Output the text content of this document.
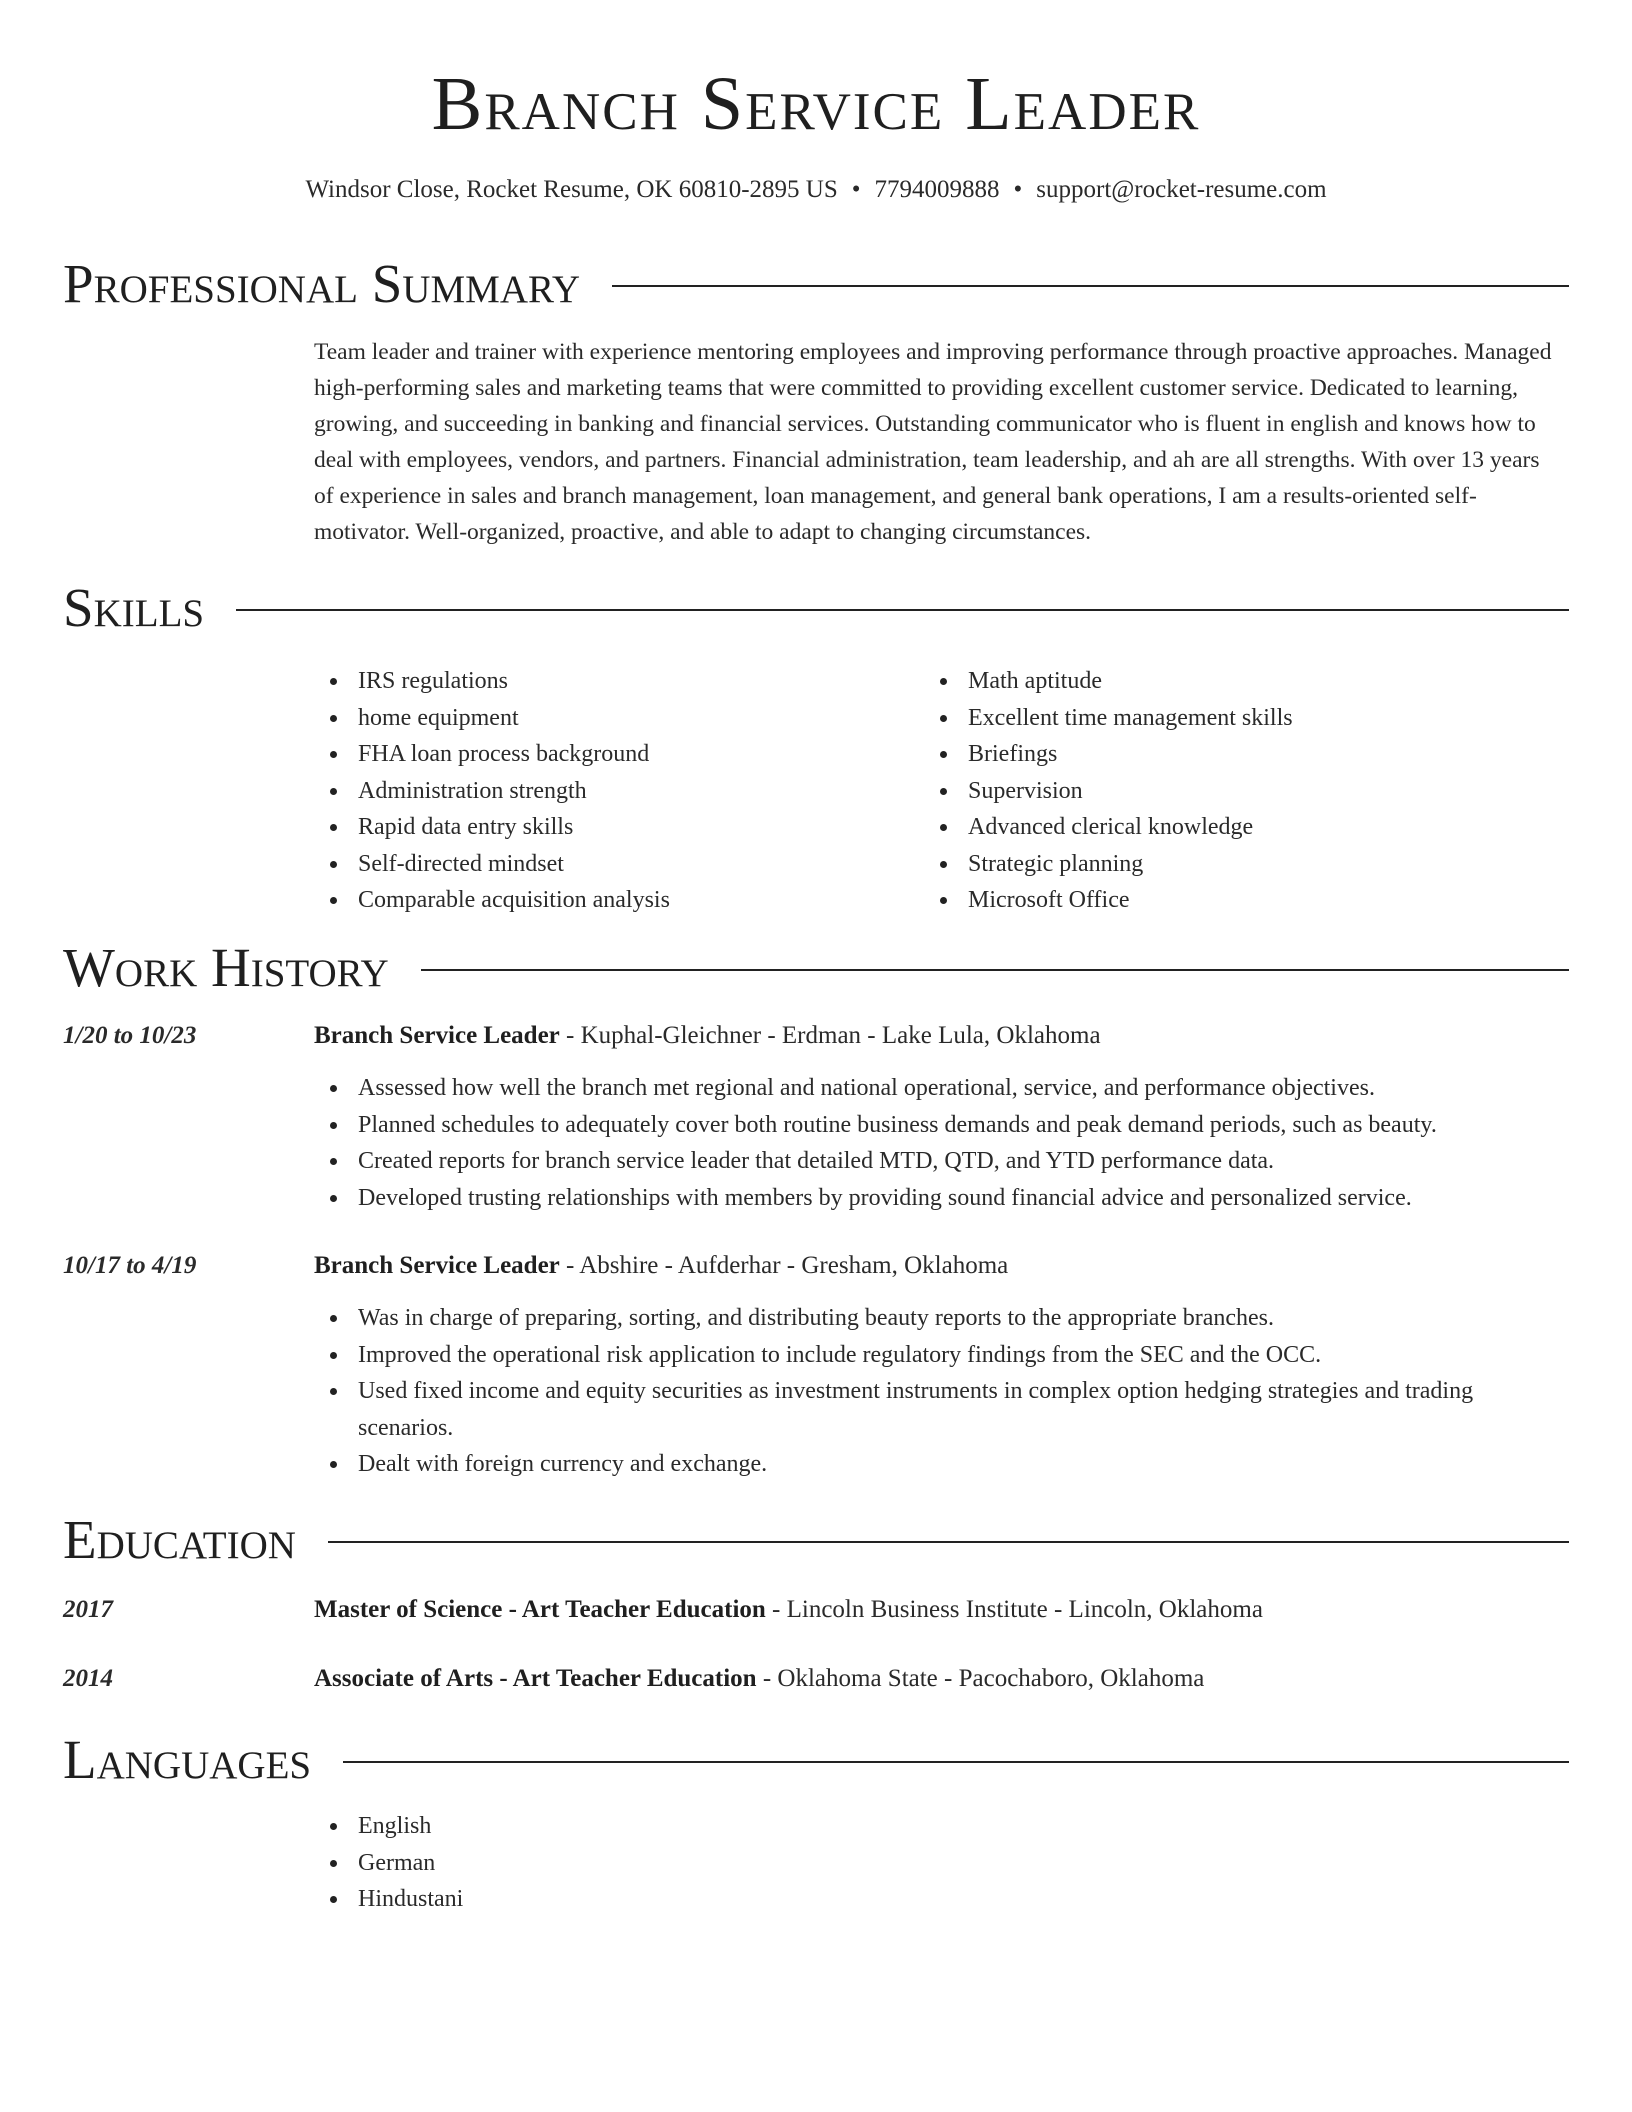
Branch Service Leader
Windsor Close, Rocket Resume, OK 60810-2895 US • 7794009888 • support@rocket-resume.com
Professional Summary
Team leader and trainer with experience mentoring employees and improving performance through proactive approaches. Managed high-performing sales and marketing teams that were committed to providing excellent customer service. Dedicated to learning, growing, and succeeding in banking and financial services. Outstanding communicator who is fluent in english and knows how to deal with employees, vendors, and partners. Financial administration, team leadership, and ah are all strengths. With over 13 years of experience in sales and branch management, loan management, and general bank operations, I am a results-oriented self-motivator. Well-organized, proactive, and able to adapt to changing circumstances.
Skills
IRS regulations
home equipment
FHA loan process background
Administration strength
Rapid data entry skills
Self-directed mindset
Comparable acquisition analysis
Math aptitude
Excellent time management skills
Briefings
Supervision
Advanced clerical knowledge
Strategic planning
Microsoft Office
Work History
1/20 to 10/23	Branch Service Leader - Kuphal-Gleichner - Erdman - Lake Lula, Oklahoma
Assessed how well the branch met regional and national operational, service, and performance objectives.
Planned schedules to adequately cover both routine business demands and peak demand periods, such as beauty.
Created reports for branch service leader that detailed MTD, QTD, and YTD performance data.
Developed trusting relationships with members by providing sound financial advice and personalized service.
10/17 to 4/19	Branch Service Leader - Abshire - Aufderhar - Gresham, Oklahoma
Was in charge of preparing, sorting, and distributing beauty reports to the appropriate branches.
Improved the operational risk application to include regulatory findings from the SEC and the OCC.
Used fixed income and equity securities as investment instruments in complex option hedging strategies and trading scenarios.
Dealt with foreign currency and exchange.
Education
2017	Master of Science - Art Teacher Education - Lincoln Business Institute - Lincoln, Oklahoma
2014	Associate of Arts - Art Teacher Education - Oklahoma State - Pacochaboro, Oklahoma
Languages
English
German
Hindustani
